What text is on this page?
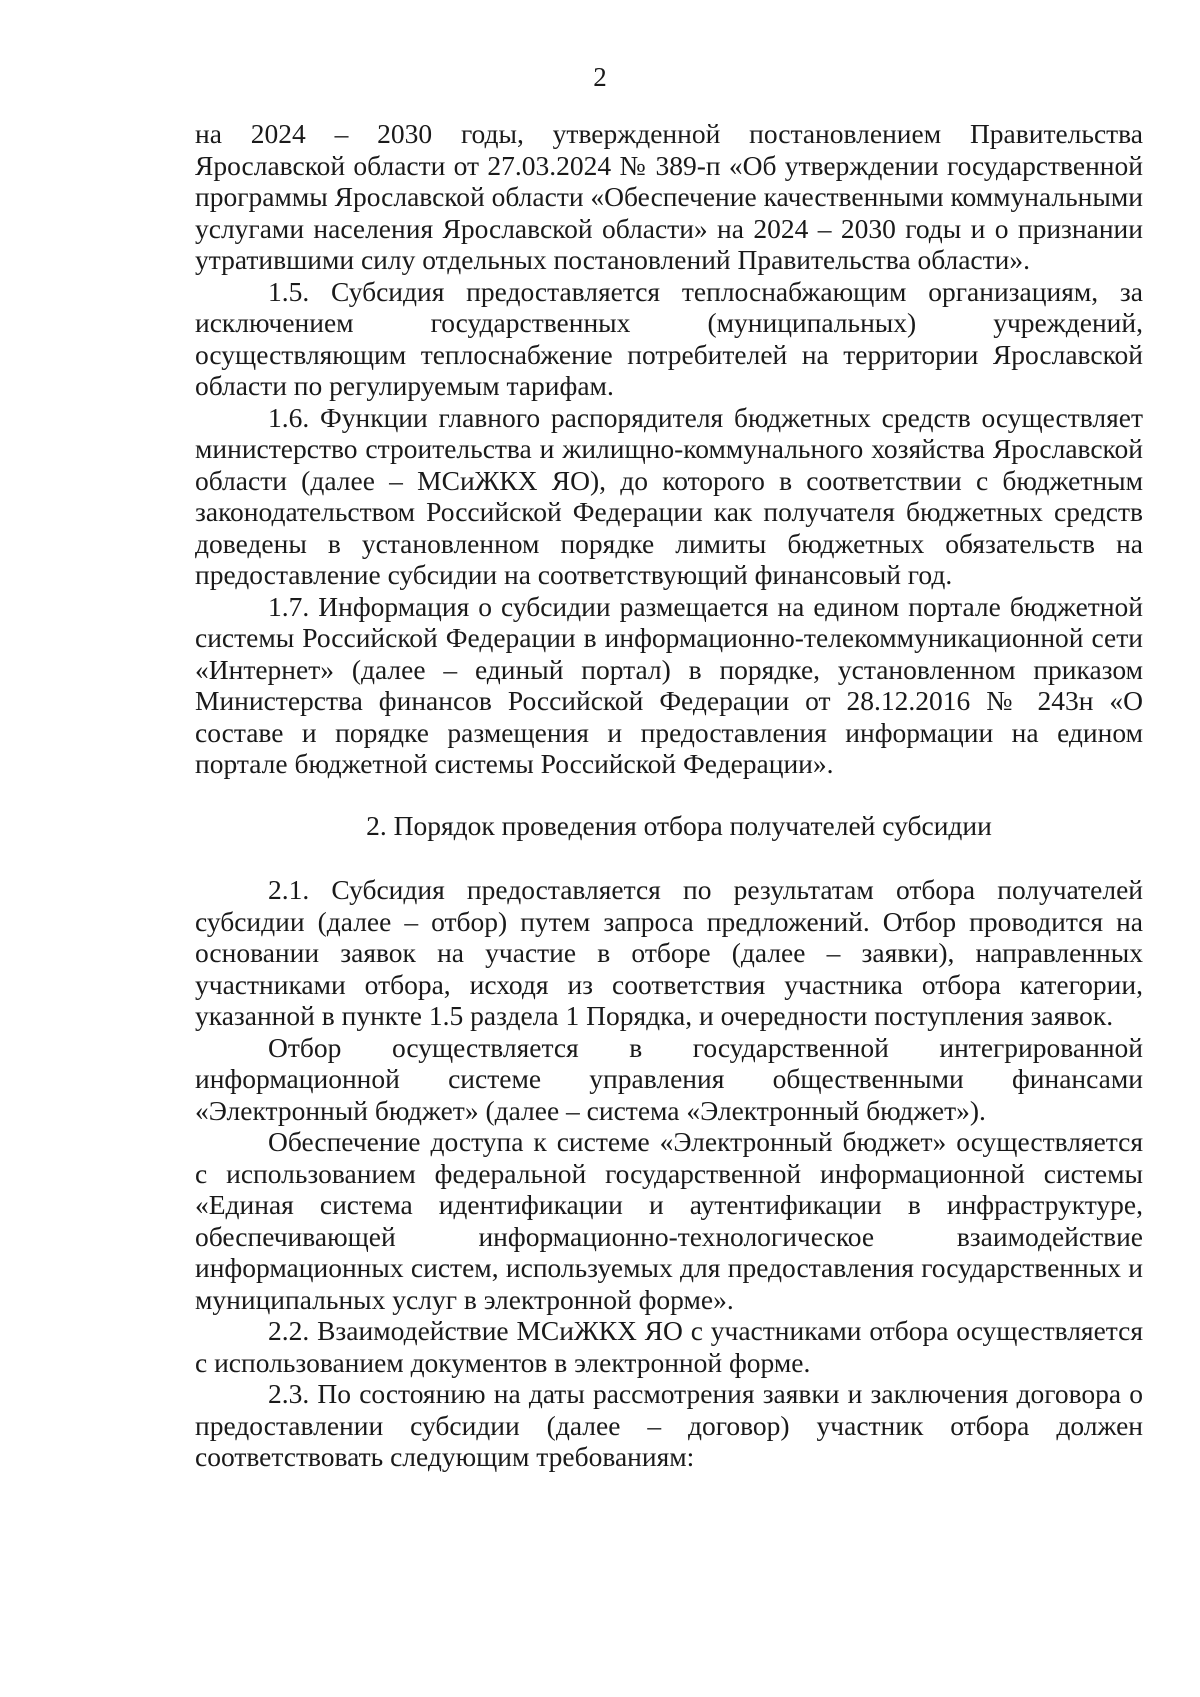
2

на 2024 – 2030 годы, утвержденной постановлением Правительства Ярославской области от 27.03.2024 № 389-п «Об утверждении государственной программы Ярославской области «Обеспечение качественными коммунальными услугами населения Ярославской области» на 2024 – 2030 годы и о признании утратившими силу отдельных постановлений Правительства области».

1.5. Субсидия предоставляется теплоснабжающим организациям, за исключением государственных (муниципальных) учреждений, осуществляющим теплоснабжение потребителей на территории Ярославской области по регулируемым тарифам.

1.6. Функции главного распорядителя бюджетных средств осуществляет министерство строительства и жилищно-коммунального хозяйства Ярославской области (далее – МСиЖКХ ЯО), до которого в соответствии с бюджетным законодательством Российской Федерации как получателя бюджетных средств доведены в установленном порядке лимиты бюджетных обязательств на предоставление субсидии на соответствующий финансовый год.

1.7. Информация о субсидии размещается на едином портале бюджетной системы Российской Федерации в информационно-телекоммуникационной сети «Интернет» (далее – единый портал) в порядке, установленном приказом Министерства финансов Российской Федерации от 28.12.2016 № 243н «О составе и порядке размещения и предоставления информации на едином портале бюджетной системы Российской Федерации».

2. Порядок проведения отбора получателей субсидии

2.1. Субсидия предоставляется по результатам отбора получателей субсидии (далее – отбор) путем запроса предложений. Отбор проводится на основании заявок на участие в отборе (далее – заявки), направленных участниками отбора, исходя из соответствия участника отбора категории, указанной в пункте 1.5 раздела 1 Порядка, и очередности поступления заявок.

Отбор осуществляется в государственной интегрированной информационной системе управления общественными финансами «Электронный бюджет» (далее – система «Электронный бюджет»).

Обеспечение доступа к системе «Электронный бюджет» осуществляется с использованием федеральной государственной информационной системы «Единая система идентификации и аутентификации в инфраструктуре, обеспечивающей информационно-технологическое взаимодействие информационных систем, используемых для предоставления государственных и муниципальных услуг в электронной форме».

2.2. Взаимодействие МСиЖКХ ЯО с участниками отбора осуществляется с использованием документов в электронной форме.

2.3. По состоянию на даты рассмотрения заявки и заключения договора о предоставлении субсидии (далее – договор) участник отбора должен соответствовать следующим требованиям:
